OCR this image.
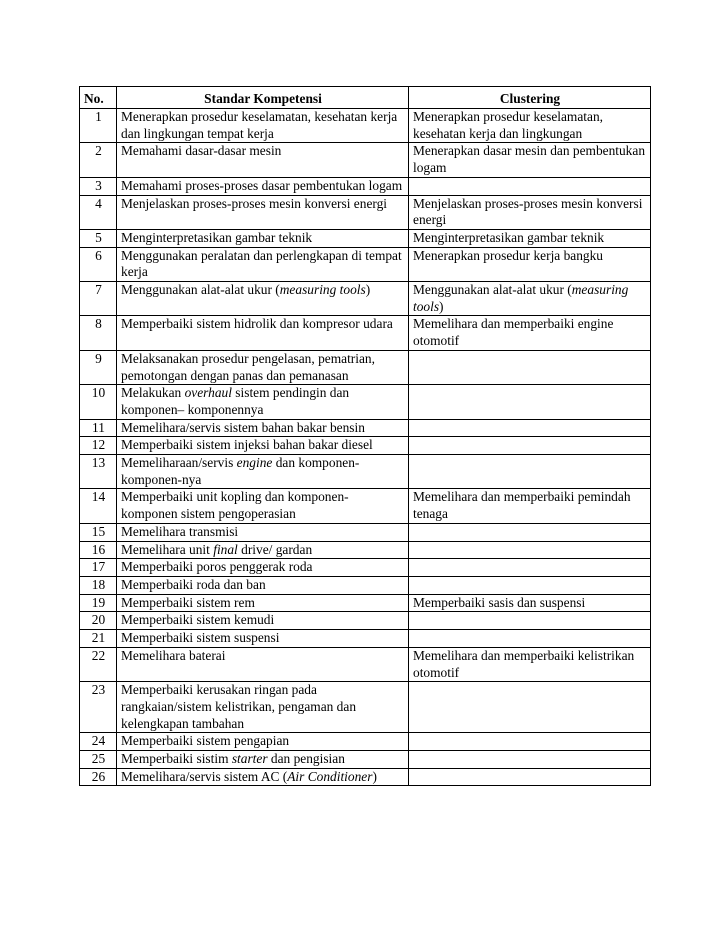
No.	Standar Kompetensi	Clustering
1	Menerapkan prosedur keselamatan, kesehatan kerja dan lingkungan tempat kerja	Menerapkan prosedur keselamatan, kesehatan kerja dan lingkungan
2	Memahami dasar-dasar mesin	Menerapkan dasar mesin dan pembentukan logam
3	Memahami proses-proses dasar pembentukan logam	
4	Menjelaskan proses-proses mesin konversi energi	Menjelaskan proses-proses mesin konversi energi
5	Menginterpretasikan gambar teknik	Menginterpretasikan gambar teknik
6	Menggunakan peralatan dan perlengkapan di tempat kerja	Menerapkan prosedur kerja bangku
7	Menggunakan alat-alat ukur (measuring tools)	Menggunakan alat-alat ukur (measuring tools)
8	Memperbaiki sistem hidrolik dan kompresor udara	Memelihara dan memperbaiki engine otomotif
9	Melaksanakan prosedur pengelasan, pematrian, pemotongan dengan panas dan pemanasan	
10	Melakukan overhaul sistem pendingin dan komponen– komponennya	
11	Memelihara/servis sistem bahan bakar bensin	
12	Memperbaiki sistem injeksi bahan bakar diesel	
13	Memeliharaan/servis engine dan komponen-komponen-nya	
14	Memperbaiki unit kopling dan komponen-komponen sistem pengoperasian	Memelihara dan memperbaiki pemindah tenaga
15	Memelihara transmisi	
16	Memelihara unit final drive/ gardan	
17	Memperbaiki poros penggerak roda	
18	Memperbaiki roda dan ban	
19	Memperbaiki sistem rem	Memperbaiki sasis dan suspensi
20	Memperbaiki sistem kemudi	
21	Memperbaiki sistem suspensi	
22	Memelihara baterai	Memelihara dan memperbaiki kelistrikan otomotif
23	Memperbaiki kerusakan ringan pada rangkaian/sistem kelistrikan, pengaman dan kelengkapan tambahan	
24	Memperbaiki sistem pengapian	
25	Memperbaiki sistim starter dan pengisian	
26	Memelihara/servis sistem AC (Air Conditioner)	
